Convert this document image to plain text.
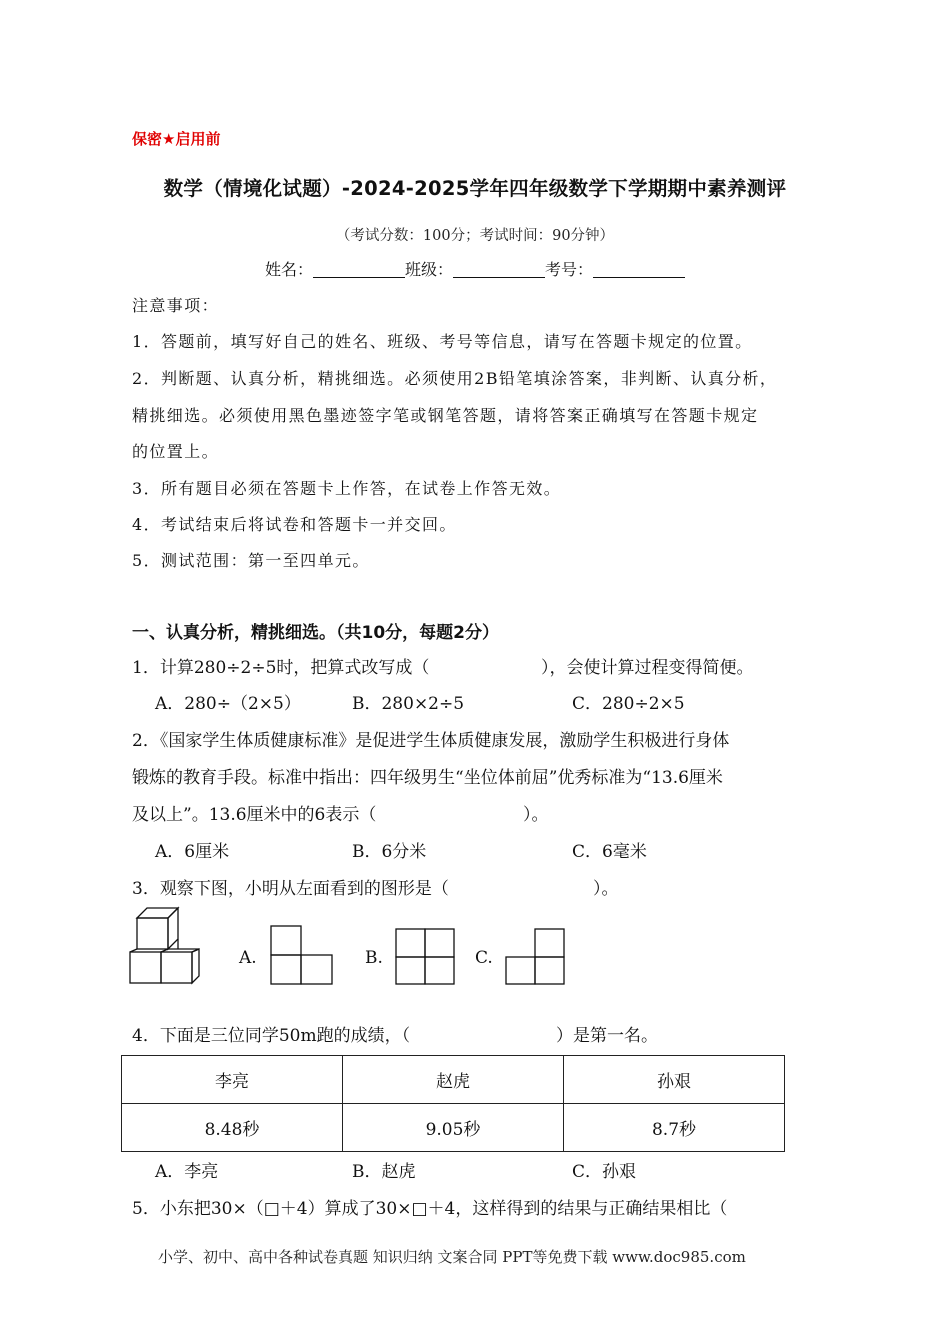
保密★启用前
数学（情境化试题）-2024-2025学年四年级数学下学期期中素养测评
（考试分数：100分；考试时间：90分钟）
姓名：	班级：	考号：
注意事项：
1．答题前，填写好自己的姓名、班级、考号等信息，请写在答题卡规定的位置。
2．判断题、认真分析，精挑细选。必须使用2B铅笔填涂答案，非判断、认真分析，
精挑细选。必须使用黑色墨迹签字笔或钢笔答题，请将答案正确填写在答题卡规定
的位置上。
3．所有题目必须在答题卡上作答，在试卷上作答无效。
4．考试结束后将试卷和答题卡一并交回。
5．测试范围：第一至四单元。
一、认真分析，精挑细选。（共10分，每题2分）
1．计算280÷2÷5时，把算式改写成（	），会使计算过程变得简便。
A．280÷（2×5）	B．280×2÷5	C．280÷2×5
2．《国家学生体质健康标准》是促进学生体质健康发展，激励学生积极进行身体
锻炼的教育手段。标准中指出：四年级男生“坐位体前屈”优秀标准为“13.6厘米
及以上”。13.6厘米中的6表示（	）。
A．6厘米	B．6分米	C．6毫米
3．观察下图，小明从左面看到的图形是（	）。
A.	B.	C.
4．下面是三位同学50m跑的成绩，（	）是第一名。
李亮	赵虎	孙艰
8.48秒	9.05秒	8.7秒
A．李亮	B．赵虎	C．孙艰
5．小东把30×（□＋4）算成了30×□＋4，这样得到的结果与正确结果相比（
小学、初中、高中各种试卷真题 知识归纳 文案合同 PPT等免费下载 www.doc985.com
